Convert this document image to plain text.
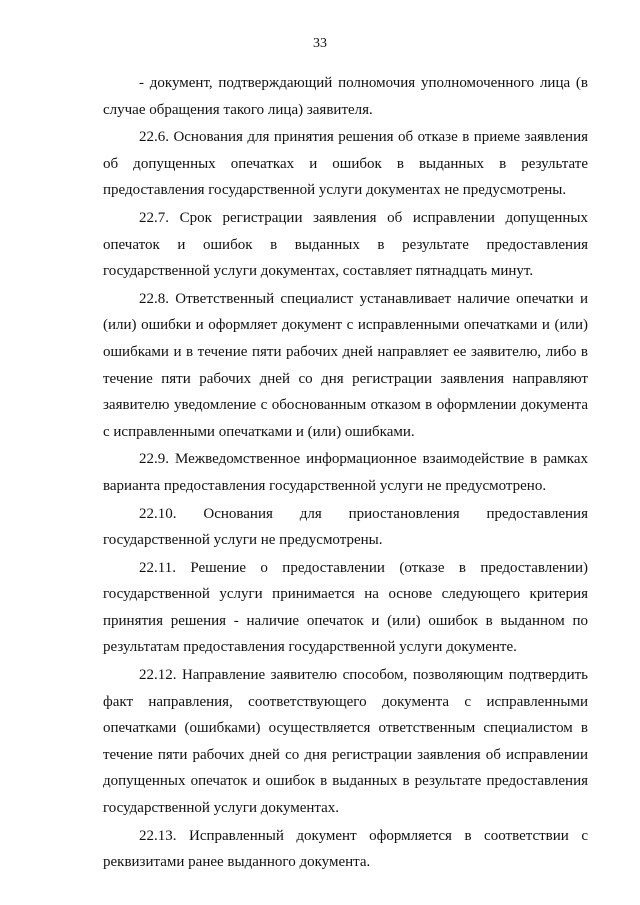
33

- документ, подтверждающий полномочия уполномоченного лица (в случае обращения такого лица) заявителя.

22.6. Основания для принятия решения об отказе в приеме заявления об допущенных опечатках и ошибок в выданных в результате предоставления государственной услуги документах не предусмотрены.

22.7. Срок регистрации заявления об исправлении допущенных опечаток и ошибок в выданных в результате предоставления государственной услуги документах, составляет пятнадцать минут.

22.8. Ответственный специалист устанавливает наличие опечатки и (или) ошибки и оформляет документ с исправленными опечатками и (или) ошибками и в течение пяти рабочих дней направляет ее заявителю, либо в течение пяти рабочих дней со дня регистрации заявления направляют заявителю уведомление с обоснованным отказом в оформлении документа с исправленными опечатками и (или) ошибками.

22.9. Межведомственное информационное взаимодействие в рамках варианта предоставления государственной услуги не предусмотрено.

22.10. Основания для приостановления предоставления государственной услуги не предусмотрены.

22.11. Решение о предоставлении (отказе в предоставлении) государственной услуги принимается на основе следующего критерия принятия решения - наличие опечаток и (или) ошибок в выданном по результатам предоставления государственной услуги документе.

22.12. Направление заявителю способом, позволяющим подтвердить факт направления, соответствующего документа с исправленными опечатками (ошибками) осуществляется ответственным специалистом в течение пяти рабочих дней со дня регистрации заявления об исправлении допущенных опечаток и ошибок в выданных в результате предоставления государственной услуги документах.

22.13. Исправленный документ оформляется в соответствии с реквизитами ранее выданного документа.
